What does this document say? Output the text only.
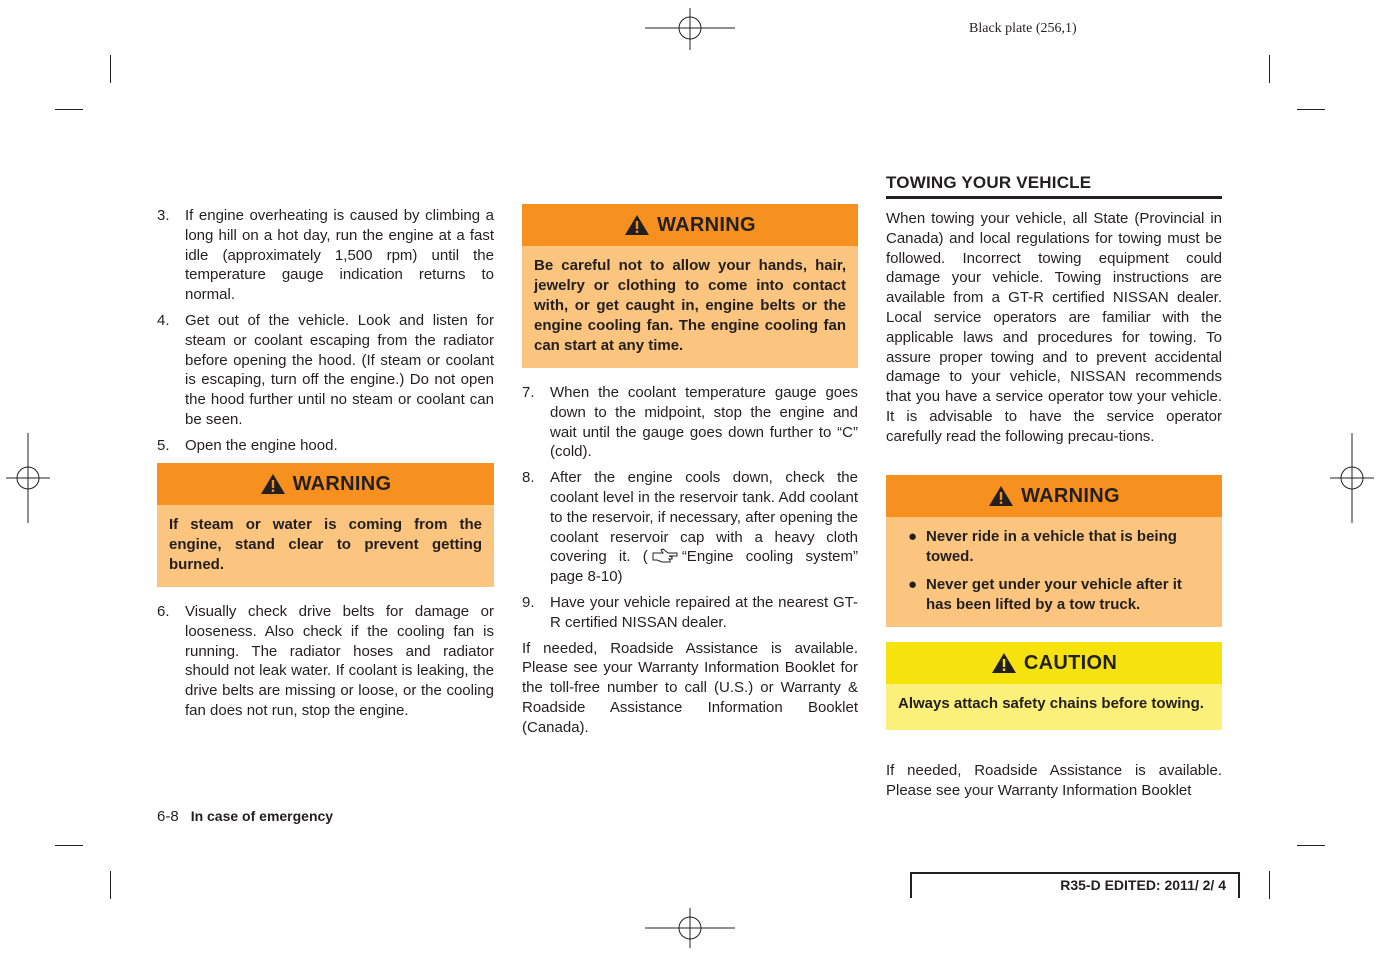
Black plate (256,1)
3. If engine overheating is caused by climbing a long hill on a hot day, run the engine at a fast idle (approximately 1,500 rpm) until the temperature gauge indication returns to normal.
4. Get out of the vehicle. Look and listen for steam or coolant escaping from the radiator before opening the hood. (If steam or coolant is escaping, turn off the engine.) Do not open the hood further until no steam or coolant can be seen.
5. Open the engine hood.
WARNING
If steam or water is coming from the engine, stand clear to prevent getting burned.
6. Visually check drive belts for damage or looseness. Also check if the cooling fan is running. The radiator hoses and radiator should not leak water. If coolant is leaking, the drive belts are missing or loose, or the cooling fan does not run, stop the engine.
WARNING
Be careful not to allow your hands, hair, jewelry or clothing to come into contact with, or get caught in, engine belts or the engine cooling fan. The engine cooling fan can start at any time.
7. When the coolant temperature gauge goes down to the midpoint, stop the engine and wait until the gauge goes down further to “C” (cold).
8. After the engine cools down, check the coolant level in the reservoir tank. Add coolant to the reservoir, if necessary, after opening the coolant reservoir cap with a heavy cloth covering it. ( “Engine cooling system” page 8-10)
9. Have your vehicle repaired at the nearest GT-R certified NISSAN dealer.

If needed, Roadside Assistance is available. Please see your Warranty Information Booklet for the toll-free number to call (U.S.) or Warranty & Roadside Assistance Information Booklet (Canada).

TOWING YOUR VEHICLE

When towing your vehicle, all State (Provincial in Canada) and local regulations for towing must be followed. Incorrect towing equipment could damage your vehicle. Towing instructions are available from a GT-R certified NISSAN dealer. Local service operators are familiar with the applicable laws and procedures for towing. To assure proper towing and to prevent accidental damage to your vehicle, NISSAN recommends that you have a service operator tow your vehicle. It is advisable to have the service operator carefully read the following precau-tions.

WARNING
● Never ride in a vehicle that is being towed.
● Never get under your vehicle after it has been lifted by a tow truck.
CAUTION
Always attach safety chains before towing.

If needed, Roadside Assistance is available. Please see your Warranty Information Booklet

6-8 In case of emergency
R35-D EDITED: 2011/ 2/ 4
